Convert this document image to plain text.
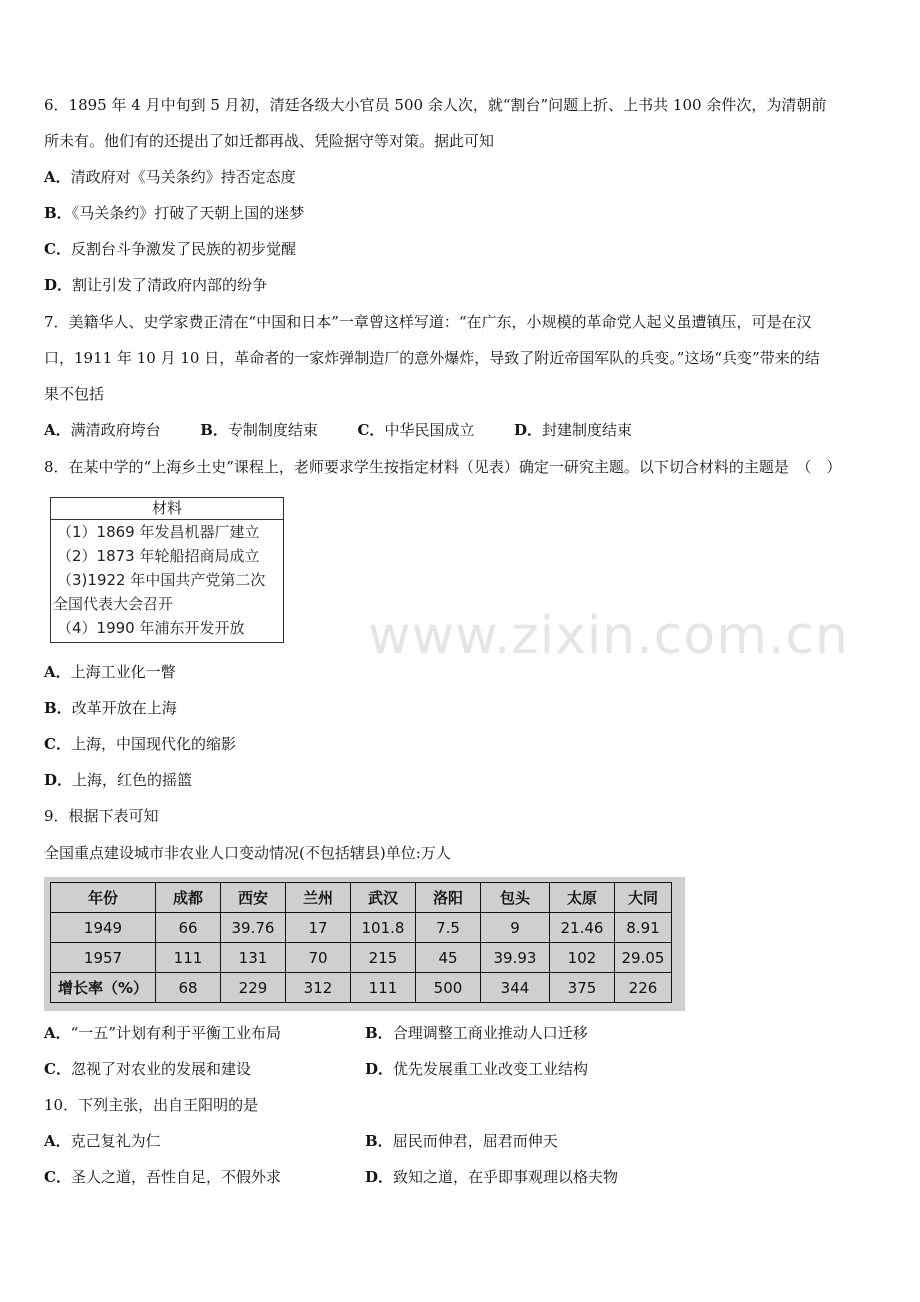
6．1895 年 4 月中旬到 5 月初，清廷各级大小官员 500 余人次，就“割台”问题上折、上书共 100 余件次，为清朝前
所未有。他们有的还提出了如迁都再战、凭险据守等对策。据此可知
A．清政府对《马关条约》持否定态度
B．《马关条约》打破了天朝上国的迷梦
C．反割台斗争激发了民族的初步觉醒
D．割让引发了清政府内部的纷争
7．美籍华人、史学家费正清在“中国和日本”一章曾这样写道：“在广东，小规模的革命党人起义虽遭镇压，可是在汉
口，1911 年 10 月 10 日，革命者的一家炸弹制造厂的意外爆炸，导致了附近帝国军队的兵变。”这场“兵变”带来的结
果不包括
A．满清政府垮台	B．专制制度结束	C．中华民国成立	D．封建制度结束
8．在某中学的“上海乡土史”课程上，老师要求学生按指定材料（见表）确定一研究主题。以下切合材料的主题是　（　）
材料
（1）1869 年发昌机器厂建立
（2）1873 年轮船招商局成立
（3)1922 年中国共产党第二次
全国代表大会召开
（4）1990 年浦东开发开放	www.zixin.com.cn
A．上海工业化一瞥
B．改革开放在上海
C．上海，中国现代化的缩影
D．上海，红色的摇篮
9．根据下表可知
全国重点建设城市非农业人口变动情况(不包括辖县)单位:万人
年份	成都	西安	兰州	武汉	洛阳	包头	太原	大同
1949	66	39.76	17	101.8	7.5	9	21.46	8.91
1957	111	131	70	215	45	39.93	102	29.05
增长率（%）	68	229	312	111	500	344	375	226
A．“一五”计划有利于平衡工业布局	B．合理调整工商业推动人口迁移
C．忽视了对农业的发展和建设	D．优先发展重工业改变工业结构
10．下列主张，出自王阳明的是
A．克己复礼为仁	B．屈民而伸君，屈君而伸天
C．圣人之道，吾性自足，不假外求	D．致知之道，在乎即事观理以格夫物
